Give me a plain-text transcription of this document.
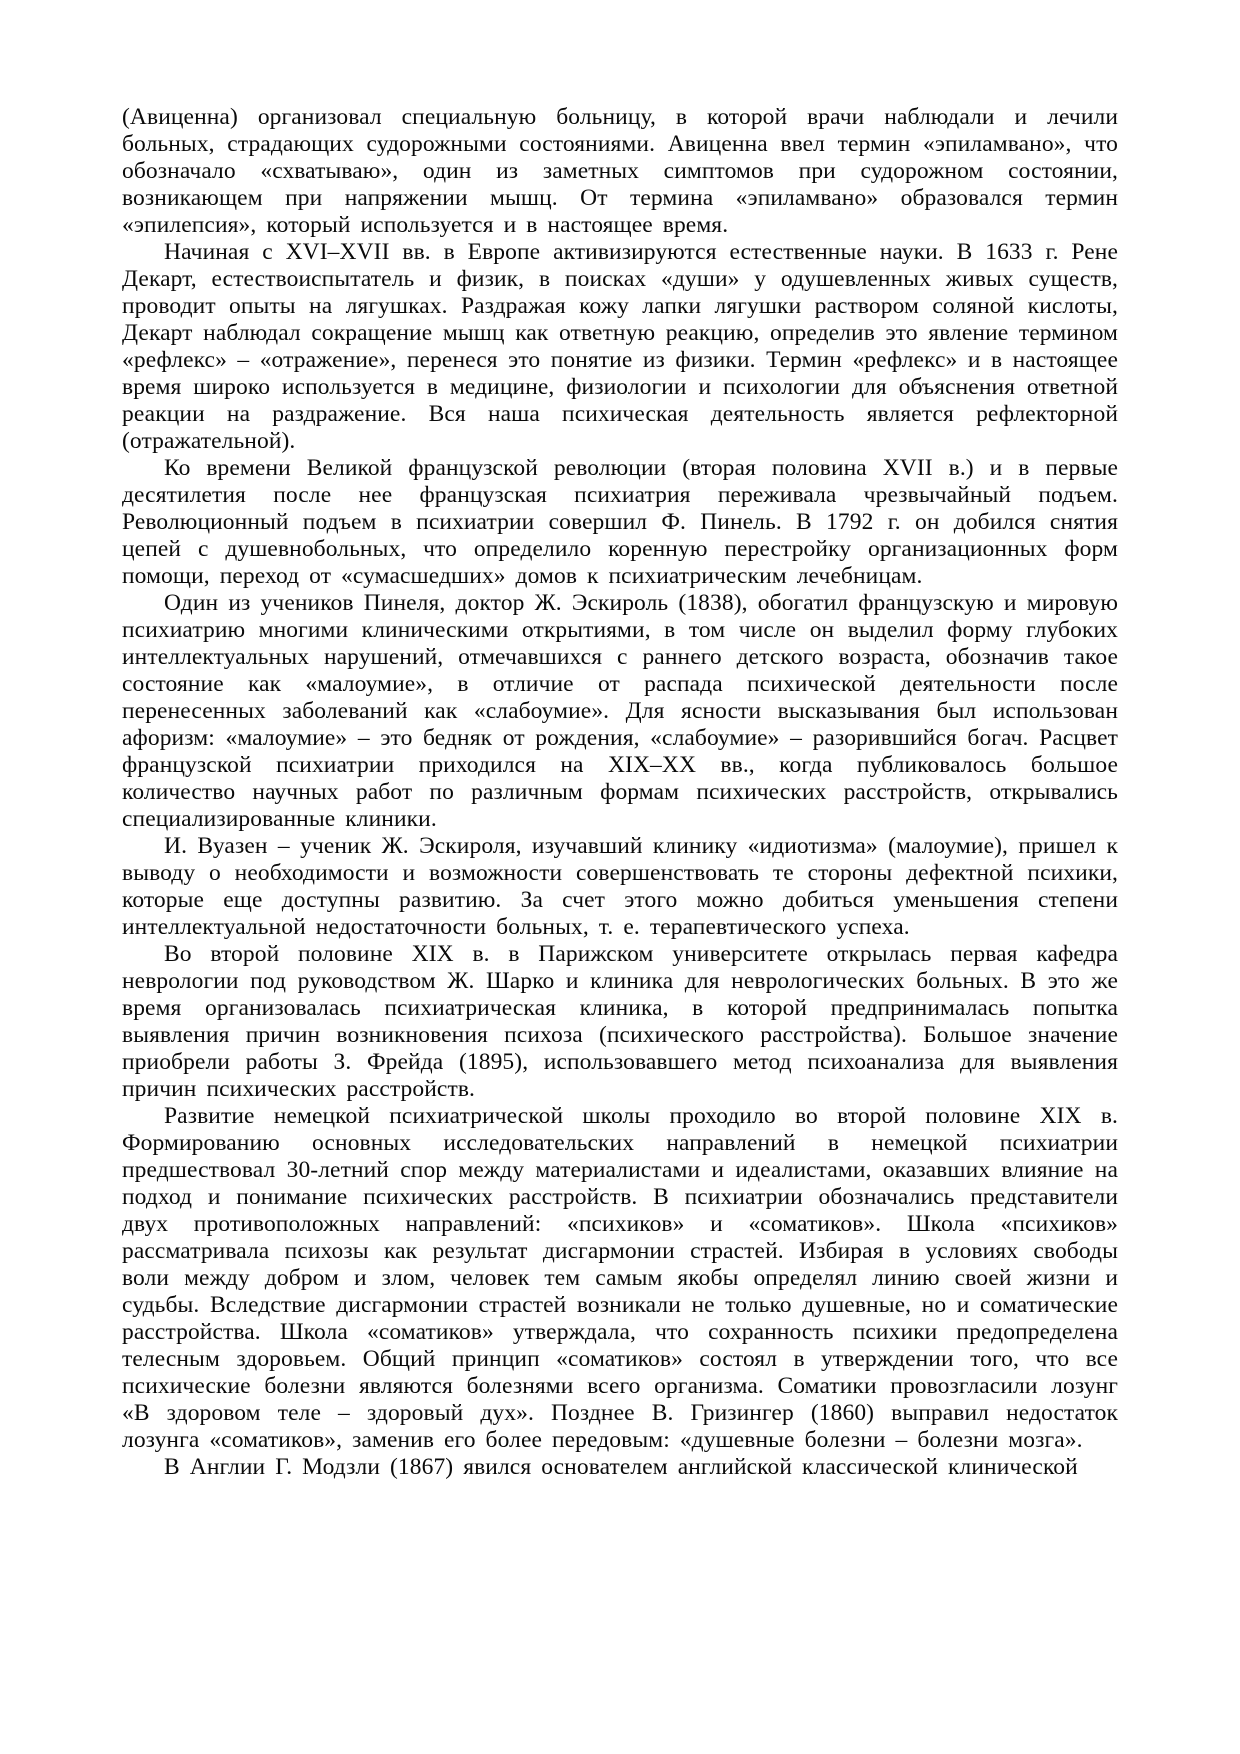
(Авиценна) организовал специальную больницу, в которой врачи наблюдали и лечили больных, страдающих судорожными состояниями. Авиценна ввел термин «эпиламвано», что обозначало «схватываю», один из заметных симптомов при судорожном состоянии, возникающем при напряжении мышц. От термина «эпиламвано» образовался термин «эпилепсия», который используется и в настоящее время.

Начиная с XVI–XVII вв. в Европе активизируются естественные науки. В 1633 г. Рене Декарт, естествоиспытатель и физик, в поисках «души» у одушевленных живых существ, проводит опыты на лягушках. Раздражая кожу лапки лягушки раствором соляной кислоты, Декарт наблюдал сокращение мышц как ответную реакцию, определив это явление термином «рефлекс» – «отражение», перенеся это понятие из физики. Термин «рефлекс» и в настоящее время широко используется в медицине, физиологии и психологии для объяснения ответной реакции на раздражение. Вся наша психическая деятельность является рефлекторной (отражательной).

Ко времени Великой французской революции (вторая половина XVII в.) и в первые десятилетия после нее французская психиатрия переживала чрезвычайный подъем. Революционный подъем в психиатрии совершил Ф. Пинель. В 1792 г. он добился снятия цепей с душевнобольных, что определило коренную перестройку организационных форм помощи, переход от «сумасшедших» домов к психиатрическим лечебницам.

Один из учеников Пинеля, доктор Ж. Эскироль (1838), обогатил французскую и мировую психиатрию многими клиническими открытиями, в том числе он выделил форму глубоких интеллектуальных нарушений, отмечавшихся с раннего детского возраста, обозначив такое состояние как «малоумие», в отличие от распада психической деятельности после перенесенных заболеваний как «слабоумие». Для ясности высказывания был использован афоризм: «малоумие» – это бедняк от рождения, «слабоумие» – разорившийся богач. Расцвет французской психиатрии приходился на XIX–XX вв., когда публиковалось большое количество научных работ по различным формам психических расстройств, открывались специализированные клиники.

И. Вуазен – ученик Ж. Эскироля, изучавший клинику «идиотизма» (малоумие), пришел к выводу о необходимости и возможности совершенствовать те стороны дефектной психики, которые еще доступны развитию. За счет этого можно добиться уменьшения степени интеллектуальной недостаточности больных, т. е. терапевтического успеха.

Во второй половине XIX в. в Парижском университете открылась первая кафедра неврологии под руководством Ж. Шарко и клиника для неврологических больных. В это же время организовалась психиатрическая клиника, в которой предпринималась попытка выявления причин возникновения психоза (психического расстройства). Большое значение приобрели работы З. Фрейда (1895), использовавшего метод психоанализа для выявления причин психических расстройств.

Развитие немецкой психиатрической школы проходило во второй половине XIX в. Формированию основных исследовательских направлений в немецкой психиатрии предшествовал 30-летний спор между материалистами и идеалистами, оказавших влияние на подход и понимание психических расстройств. В психиатрии обозначались представители двух противоположных направлений: «психиков» и «соматиков». Школа «психиков» рассматривала психозы как результат дисгармонии страстей. Избирая в условиях свободы воли между добром и злом, человек тем самым якобы определял линию своей жизни и судьбы. Вследствие дисгармонии страстей возникали не только душевные, но и соматические расстройства. Школа «соматиков» утверждала, что сохранность психики предопределена телесным здоровьем. Общий принцип «соматиков» состоял в утверждении того, что все психические болезни являются болезнями всего организма. Соматики провозгласили лозунг «В здоровом теле – здоровый дух». Позднее В. Гризингер (1860) выправил недостаток лозунга «соматиков», заменив его более передовым: «душевные болезни – болезни мозга».

В Англии Г. Модзли (1867) явился основателем английской классической клинической
